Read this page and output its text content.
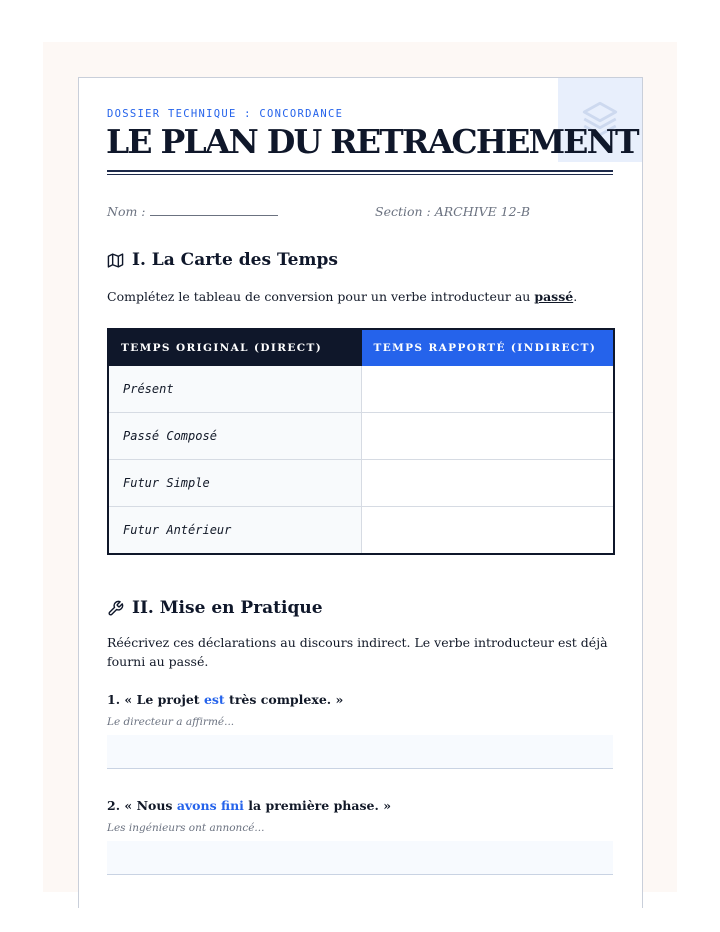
DOSSIER TECHNIQUE : CONCORDANCE
LE PLAN DU RETRACHEMENT
Nom :	Section : ARCHIVE 12-B
I. La Carte des Temps
Complétez le tableau de conversion pour un verbe introducteur au passé.
TEMPS ORIGINAL (DIRECT)	TEMPS RAPPORTÉ (INDIRECT)
Présent
Passé Composé
Futur Simple
Futur Antérieur
II. Mise en Pratique
Réécrivez ces déclarations au discours indirect. Le verbe introducteur est déjà fourni au passé.
1. « Le projet est très complexe. »
Le directeur a affirmé...
2. « Nous avons fini la première phase. »
Les ingénieurs ont annoncé...
